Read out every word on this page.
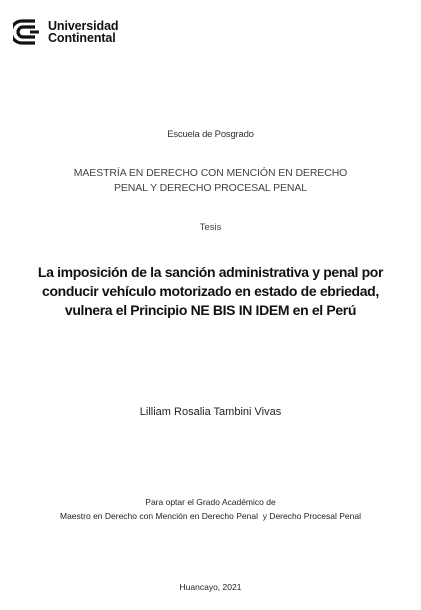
Universidad
Continental
Escuela de Posgrado
MAESTRÍA EN DERECHO CON MENCIÓN EN DERECHO
PENAL Y DERECHO PROCESAL PENAL
Tesis
La imposición de la sanción administrativa y penal por
conducir vehículo motorizado en estado de ebriedad,
vulnera el Principio NE BIS IN IDEM en el Perú
Lilliam Rosalia Tambini Vivas
Para optar el Grado Académico de
Maestro en Derecho con Mención en Derecho Penal  y Derecho Procesal Penal
Huancayo, 2021
